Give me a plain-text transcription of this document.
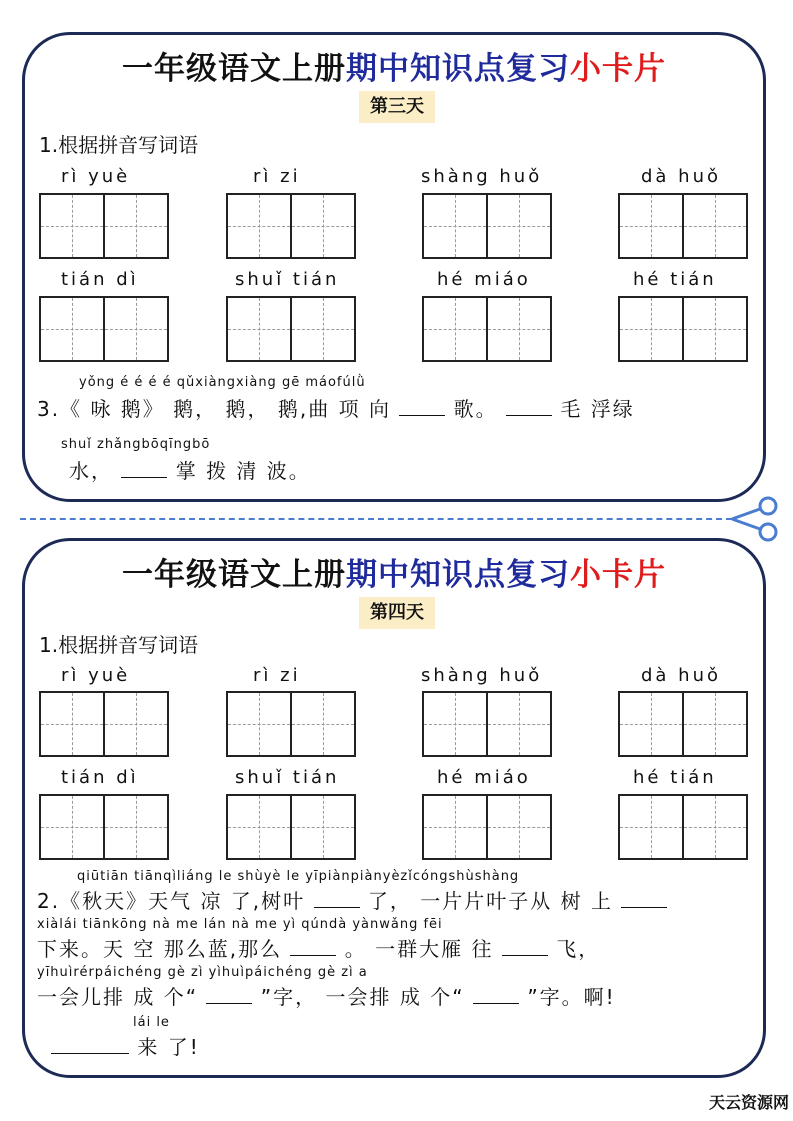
一年级语文上册期中知识点复习小卡片
第三天
1.根据拼音写词语
rì yuè	rì zi	shàng huǒ	dà huǒ
tián dì	shuǐ tián	hé miáo	hé tián
yǒng é é é é qǔxiàngxiàng gē máofúlǜ
3.《 咏 鹅》 鹅， 鹅， 鹅,曲 项 向	歌。	毛 浮绿
shuǐ zhǎngbōqīngbō
水，	掌 拨 清 波。
一年级语文上册期中知识点复习小卡片
第四天
1.根据拼音写词语
rì yuè	rì zi	shàng huǒ	dà huǒ
tián dì	shuǐ tián	hé miáo	hé tián
qiūtiān tiānqìliáng le shùyè le yīpiànpiànyèzǐcóngshùshàng
2.《秋天》天气 凉 了,树叶	了， 一片片叶子从 树 上
xiàlái tiānkōng nà me lán nà me yì qúndà yànwǎng fēi
下来。天 空 那么蓝,那么	。 一群大雁 往	飞，
yīhuìrérpáichéng gè zì yìhuìpáichéng gè zì a
一会儿排 成 个“	”字， 一会排 成 个“	”字。啊!
lái le
来 了!
天云资源网
